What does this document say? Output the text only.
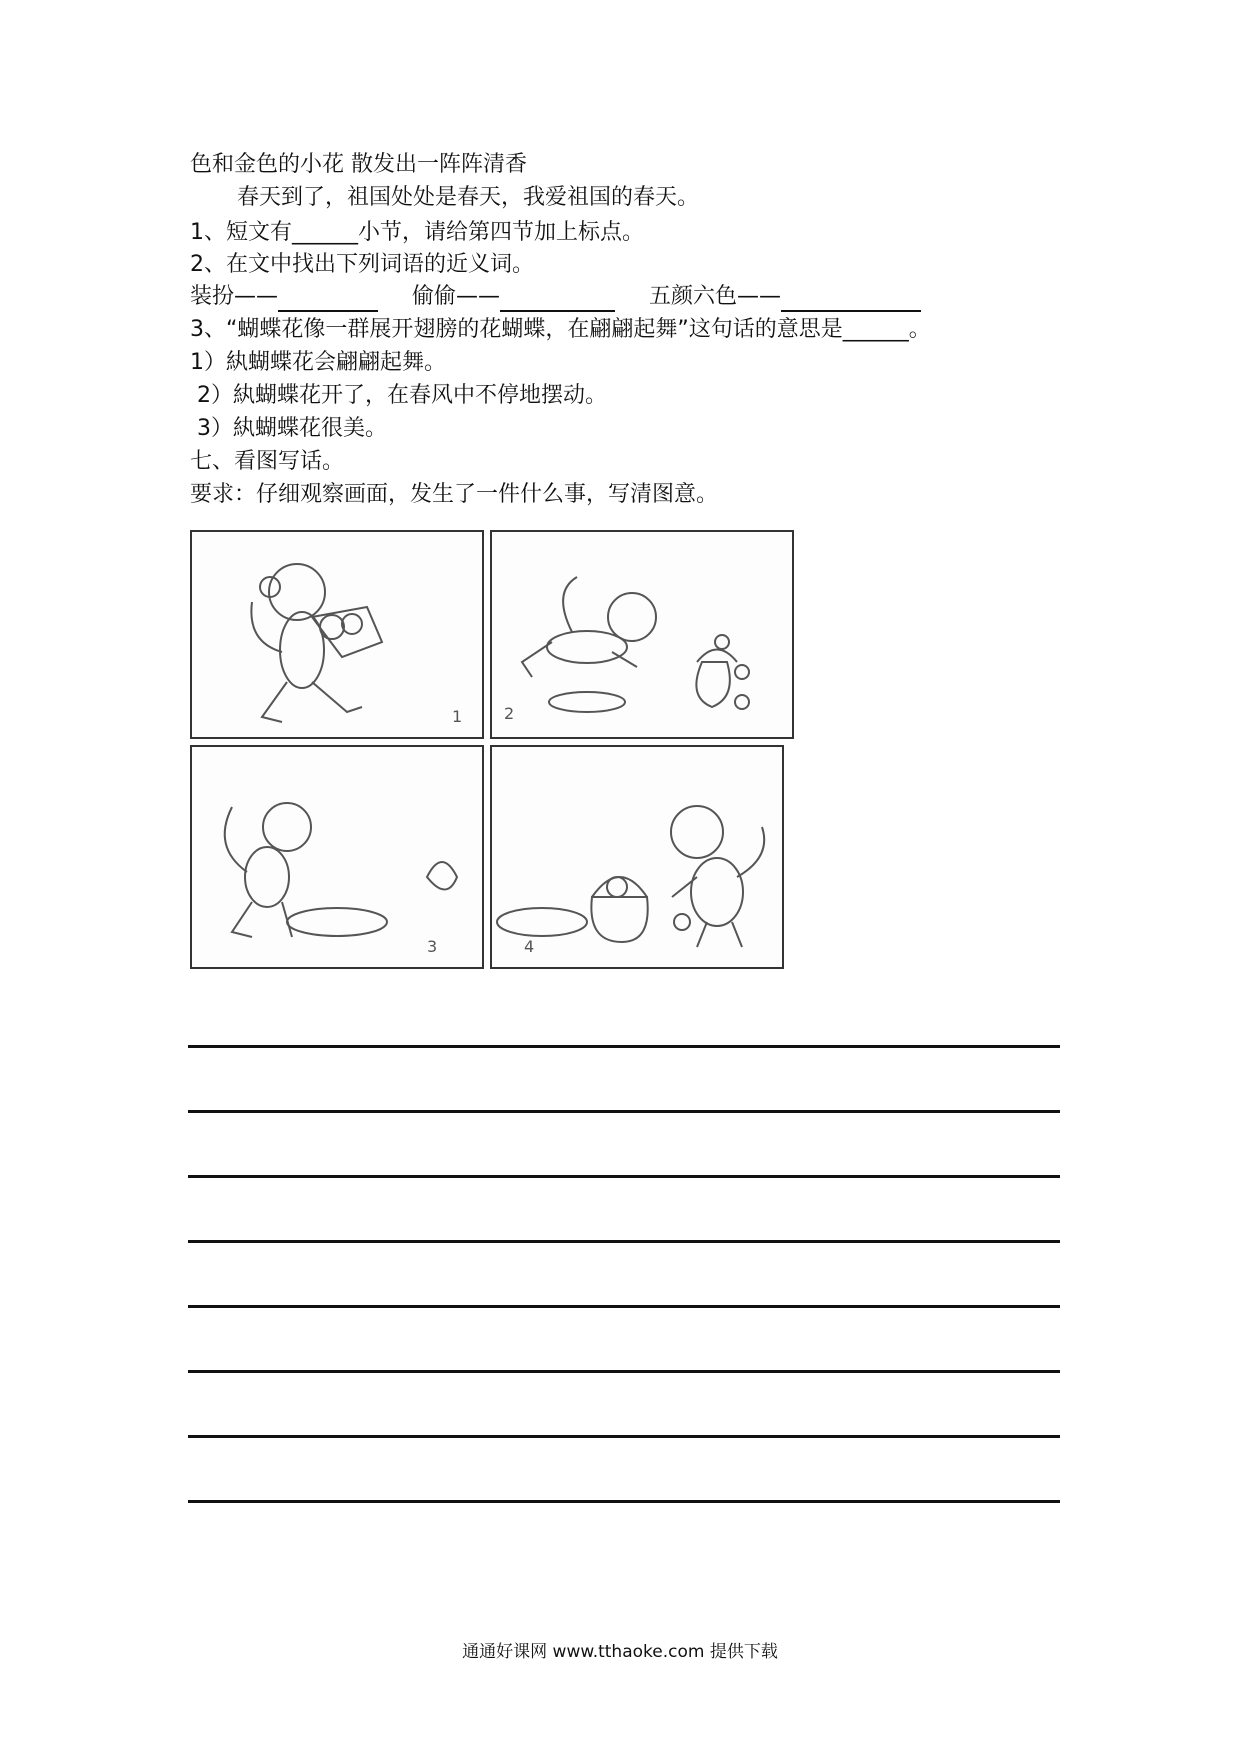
色和金色的小花 散发出一阵阵清香
春天到了，祖国处处是春天，我爱祖国的春天。
1、短文有______小节，请给第四节加上标点。
2、在文中找出下列词语的近义词。
装扮——	偷偷——	五颜六色——
3、“蝴蝶花像一群展开翅膀的花蝴蝶，在翩翩起舞”这句话的意思是______。
1）紈蝴蝶花会翩翩起舞。
2）紈蝴蝶花开了，在春风中不停地摆动。
3）紈蝴蝶花很美。
七、看图写话。
要求：仔细观察画面，发生了一件什么事，写清图意。
1	2
3	4
通通好课网 www.tthaoke.com 提供下载
